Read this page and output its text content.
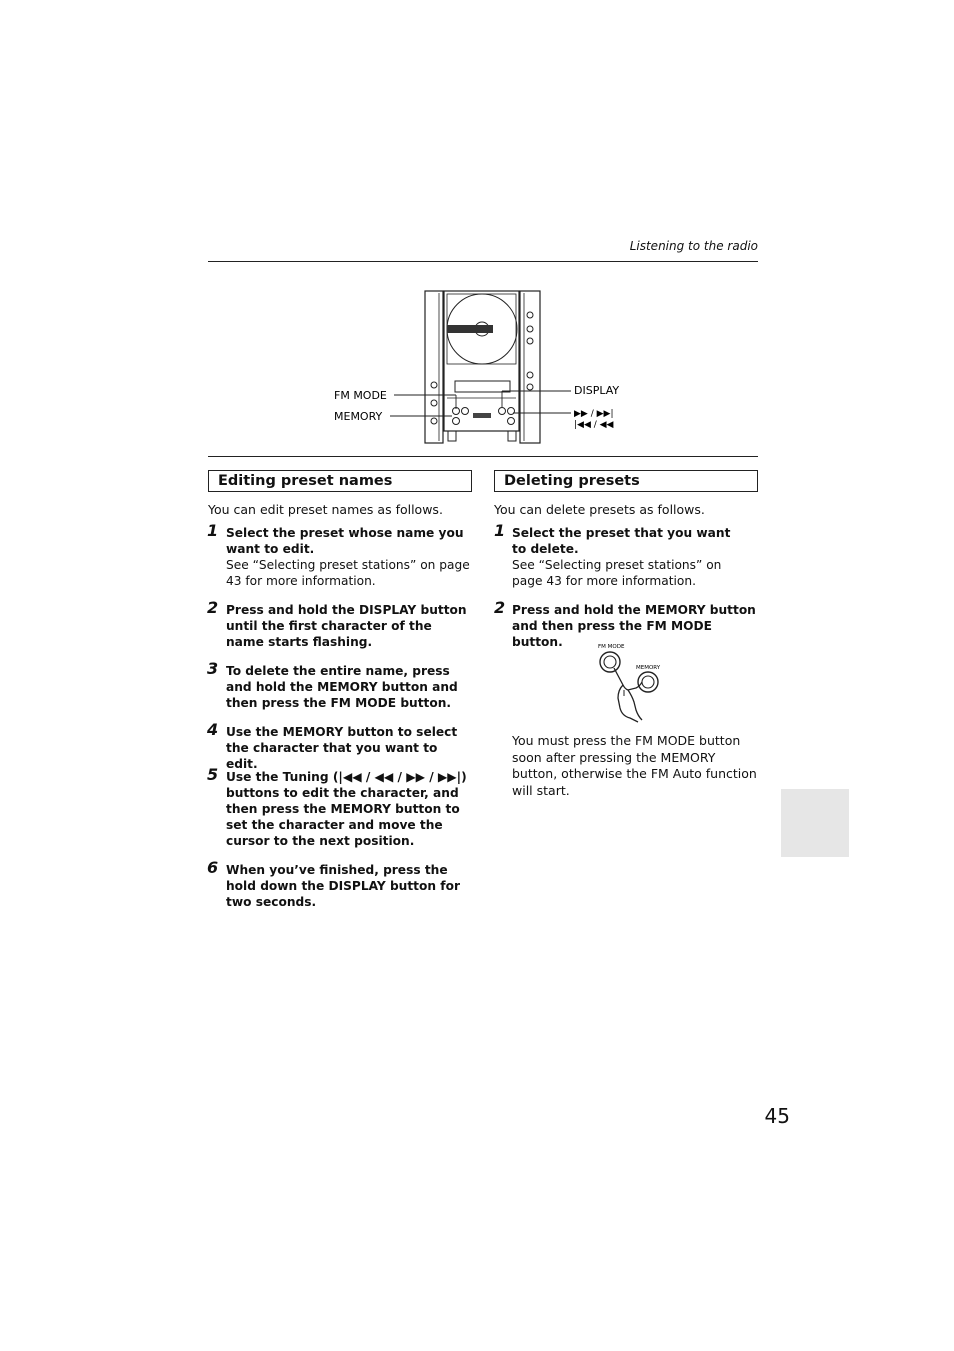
Listening to the radio
FM MODE
MEMORY
DISPLAY
▶▶ / ▶▶|
|◀◀ / ◀◀
Editing preset names
You can edit preset names as follows.
1 Select the preset whose name you want to edit.
See “Selecting preset stations” on page 43 for more information.
2 Press and hold the DISPLAY button until the first character of the name starts flashing.
3 To delete the entire name, press and hold the MEMORY button and then press the FM MODE button.
4 Use the MEMORY button to select the character that you want to edit.
5 Use the Tuning (|◀◀ / ◀◀ / ▶▶ / ▶▶|) buttons to edit the character, and then press the MEMORY button to set the character and move the cursor to the next position.
6 When you’ve finished, press the hold down the DISPLAY button for two seconds.
Deleting presets
You can delete presets as follows.
1 Select the preset that you want to delete.
See “Selecting preset stations” on page 43 for more information.
2 Press and hold the MEMORY button and then press the FM MODE button.	FM MODE
MEMORY
You must press the FM MODE button soon after pressing the MEMORY button, otherwise the FM Auto function will start.
45
